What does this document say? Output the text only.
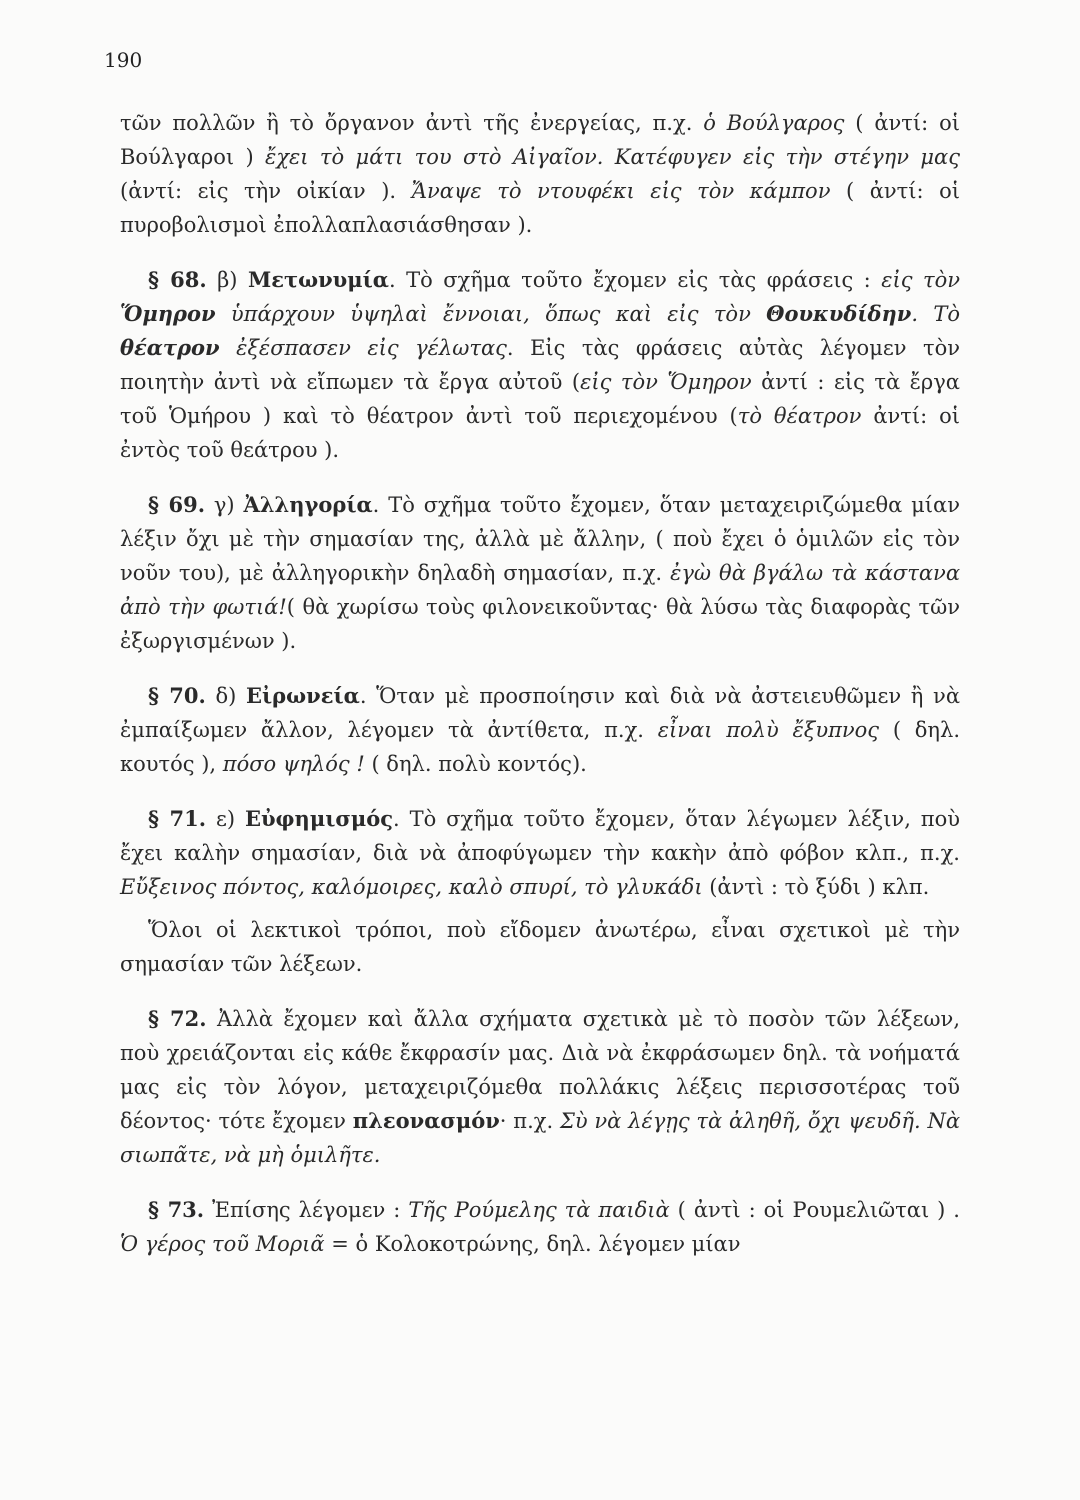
190

τῶν πολλῶν ἢ τὸ ὄργανον ἀντὶ τῆς ἐνεργείας, π.χ. ὁ Βούλγαρος ( ἀντί: οἱ Βούλγαροι ) ἔχει τὸ μάτι του στὸ Αἰγαῖον. Κατέφυγεν εἰς τὴν στέγην μας (ἀντί: εἰς τὴν οἰκίαν ). Ἄναψε τὸ ντουφέκι εἰς τὸν κάμπον ( ἀντί: οἱ πυροβολισμοὶ ἐπολλαπλασιάσθησαν ).

§ 68. β) Μετωνυμία. Τὸ σχῆμα τοῦτο ἔχομεν εἰς τὰς φράσεις : εἰς τὸν Ὅμηρον ὑπάρχουν ὑψηλαὶ ἔννοιαι, ὅπως καὶ εἰς τὸν Θουκυδίδην. Τὸ θέατρον ἐξέσπασεν εἰς γέλωτας. Εἰς τὰς φράσεις αὐτὰς λέγομεν τὸν ποιητὴν ἀντὶ νὰ εἴπωμεν τὰ ἔργα αὐτοῦ (εἰς τὸν Ὅμηρον ἀντί : εἰς τὰ ἔργα τοῦ Ὁμήρου ) καὶ τὸ θέατρον ἀντὶ τοῦ περιεχομένου (τὸ θέατρον ἀντί: οἱ ἐντὸς τοῦ θεάτρου ).

§ 69. γ) Ἀλληγορία. Τὸ σχῆμα τοῦτο ἔχομεν, ὅταν μεταχειριζώμεθα μίαν λέξιν ὄχι μὲ τὴν σημασίαν της, ἀλλὰ μὲ ἄλλην, ( ποὺ ἔχει ὁ ὁμιλῶν εἰς τὸν νοῦν του), μὲ ἀλληγορικὴν δηλαδὴ σημασίαν, π.χ. ἐγὼ θὰ βγάλω τὰ κάστανα ἀπὸ τὴν φωτιά!( θὰ χωρίσω τοὺς φιλονεικοῦντας· θὰ λύσω τὰς διαφορὰς τῶν ἐξωργισμένων ).

§ 70. δ) Εἰρωνεία. Ὅταν μὲ προσποίησιν καὶ διὰ νὰ ἀστειευθῶμεν ἢ νὰ ἐμπαίξωμεν ἄλλον, λέγομεν τὰ ἀντίθετα, π.χ. εἶναι πολὺ ἔξυπνος ( δηλ. κουτός ), πόσο ψηλός ! ( δηλ. πολὺ κοντός).

§ 71. ε) Εὐφημισμός. Τὸ σχῆμα τοῦτο ἔχομεν, ὅταν λέγωμεν λέξιν, ποὺ ἔχει καλὴν σημασίαν, διὰ νὰ ἀποφύγωμεν τὴν κακὴν ἀπὸ φόβον κλπ., π.χ. Εὔξεινος πόντος, καλόμοιρες, καλὸ σπυρί, τὸ γλυκάδι (ἀντὶ : τὸ ξύδι ) κλπ.

Ὅλοι οἱ λεκτικοὶ τρόποι, ποὺ εἴδομεν ἀνωτέρω, εἶναι σχετικοὶ μὲ τὴν σημασίαν τῶν λέξεων.

§ 72. Ἀλλὰ ἔχομεν καὶ ἄλλα σχήματα σχετικὰ μὲ τὸ ποσὸν τῶν λέξεων, ποὺ χρειάζονται εἰς κάθε ἔκφρασίν μας. Διὰ νὰ ἐκφράσωμεν δηλ. τὰ νοήματά μας εἰς τὸν λόγον, μεταχειριζόμεθα πολλάκις λέξεις περισσοτέρας τοῦ δέοντος· τότε ἔχομεν πλεονασμόν· π.χ. Σὺ νὰ λέγῃς τὰ ἀληθῆ, ὄχι ψευδῆ. Νὰ σιωπᾶτε, νὰ μὴ ὁμιλῆτε.

§ 73. Ἐπίσης λέγομεν : Τῆς Ρούμελης τὰ παιδιὰ ( ἀντὶ : οἱ Ρουμελιῶται ) . Ὁ γέρος τοῦ Μοριᾶ = ὁ Κολοκοτρώνης, δηλ. λέγομεν μίαν
